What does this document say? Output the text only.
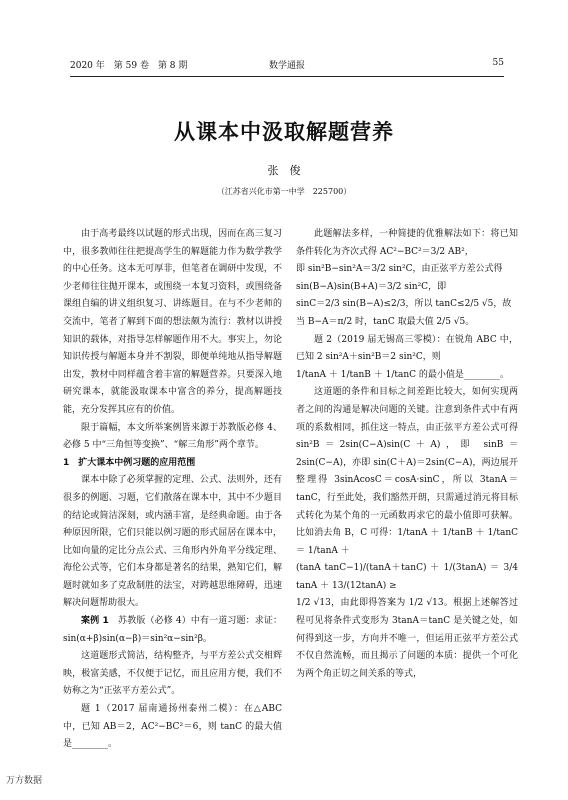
2020 年　第 59 卷　第 8 期	数学通报	55
从课本中汲取解题营养
张　俊
（江苏省兴化市第一中学　225700）

由于高考最终以试题的形式出现，因而在高三复习中，很多教师往往把提高学生的解题能力作为数学教学的中心任务。这本无可厚非，但笔者在调研中发现，不少老师往往抛开课本，或围绕一本复习资料，或围绕备课组自编的讲义组织复习、讲练题目。在与不少老师的交流中，笔者了解到下面的想法颇为流行：教材以讲授知识的载体，对指导怎样解题作用不大。事实上，勿论知识传授与解题本身并不割裂，即便单纯地从指导解题出发，教材中同样蕴含着丰富的解题营养。只要深入地研究课本，就能汲取课本中富含的养分，提高解题技能，充分发挥其应有的价值。

限于篇幅，本文所举案例皆来源于苏教版必修 4、必修 5 中“三角恒等变换”、“解三角形”两个章节。

1　扩大课本中例习题的应用范围

课本中除了必须掌握的定理、公式、法则外，还有很多的例题、习题，它们散落在课本中，其中不少题目的结论或简洁深刻，或内涵丰富，是经典命题。由于各种原因所限，它们只能以例习题的形式屈居在课本中，比如向量的定比分点公式、三角形内外角平分线定理、海伦公式等，它们本身都是著名的结果，熟知它们，解题时就如多了克敌制胜的法宝，对跨越思维障碍，迅速解决问题帮助很大。

案例 1　苏教版（必修 4）中有一道习题：求证：sin(α+β)sin(α−β)＝sin²α−sin²β。

这道题形式简洁，结构整齐，与平方差公式交相辉映，极富美感，不仅便于记忆，而且应用方便，我们不妨称之为“正弦平方差公式”。

题 1（2017 届南通扬州泰州二模）：在△ABC 中，已知 AB＝2，AC²−BC²＝6，则 tanC 的最大值是________。

此题解法多样，一种简捷的优雅解法如下：将已知条件转化为齐次式得 AC²−BC²＝3/2 AB²，

即 sin²B−sin²A＝3/2 sin²C，由正弦平方差公式得

sin(B−A)sin(B+A)＝3/2 sin²C，即

sinC＝2/3 sin(B−A)≤2/3，所以 tanC≤2/5 √5，故

当 B−A＝π/2 时，tanC 取最大值 2/5 √5。

题 2（2019 届无锡高三零模）：在锐角 ABC 中，已知 2 sin²A＋sin²B＝2 sin²C，则

1/tanA ＋ 1/tanB ＋ 1/tanC 的最小值是________。

这道题的条件和目标之间差距比较大，如何实现两者之间的沟通是解决问题的关键。注意到条件式中有两项的系数相同，抓住这一特点，由正弦平方差公式可得 sin²B＝2sin(C−A)sin(C＋A)，即 sinB＝2sin(C−A)，亦即 sin(C＋A)＝2sin(C−A)，两边展开整理得 3sinAcosC＝cosA·sinC，所以 3tanA＝tanC，行至此处，我们豁然开朗，只需通过消元将目标式转化为某个角的一元函数再求它的最小值即可获解。比如消去角 B，C 可得：1/tanA ＋ 1/tanB ＋ 1/tanC ＝ 1/tanA ＋

(tanA tanC−1)/(tanA＋tanC) ＋ 1/(3tanA) ＝ 3/4 tanA ＋ 13/(12tanA) ≥

1/2 √13，由此即得答案为 1/2 √13。根据上述解答过程可见将条件式变形为 3tanA＝tanC 是关键之处，如何得到这一步，方向并不唯一，但运用正弦平方差公式不仅自然流畅，而且揭示了问题的本质：提供一个可化为两个角正切之间关系的等式，

万方数据
